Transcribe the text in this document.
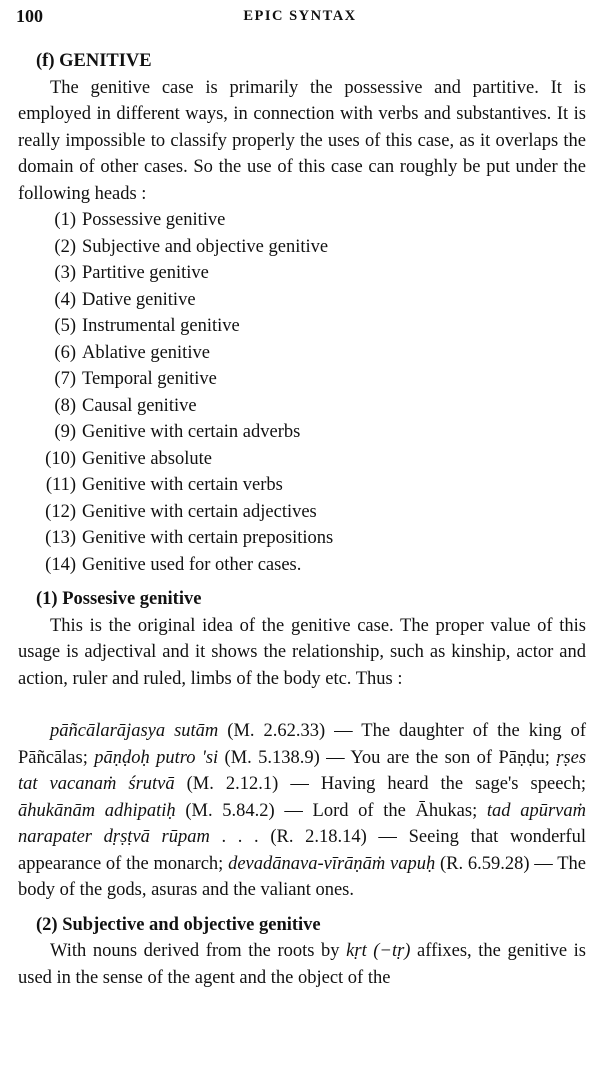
100	EPIC SYNTAX
(f) GENITIVE

The genitive case is primarily the possessive and partitive. It is employed in different ways, in connection with verbs and substantives. It is really impossible to classify properly the uses of this case, as it overlaps the domain of other cases. So the use of this case can roughly be put under the following heads :

(1) Possessive genitive
(2) Subjective and objective genitive
(3) Partitive genitive
(4) Dative genitive
(5) Instrumental genitive
(6) Ablative genitive
(7) Temporal genitive
(8) Causal genitive
(9) Genitive with certain adverbs
(10) Genitive absolute
(11) Genitive with certain verbs
(12) Genitive with certain adjectives
(13) Genitive with certain prepositions
(14) Genitive used for other cases.
(1) Possesive genitive

This is the original idea of the genitive case. The proper value of this usage is adjectival and it shows the relationship, such as kinship, actor and action, ruler and ruled, limbs of the body etc. Thus :

pāñcālarājasya sutām (M. 2.62.33) — The daughter of the king of Pāñcālas; pāṇḍoḥ putro 'si (M. 5.138.9) — You are the son of Pāṇḍu; ṛṣes tat vacanaṁ śrutvā (M. 2.12.1) — Having heard the sage's speech; āhukānām adhipatiḥ (M. 5.84.2) — Lord of the Āhukas; tad apūrvaṁ narapater dṛṣṭvā rūpam . . . (R. 2.18.14) — Seeing that wonderful appearance of the monarch; devadānava-vīrāṇāṁ vapuḥ (R. 6.59.28) — The body of the gods, asuras and the valiant ones.

(2) Subjective and objective genitive

With nouns derived from the roots by kṛt (−tṛ) affixes, the genitive is used in the sense of the agent and the object of the
